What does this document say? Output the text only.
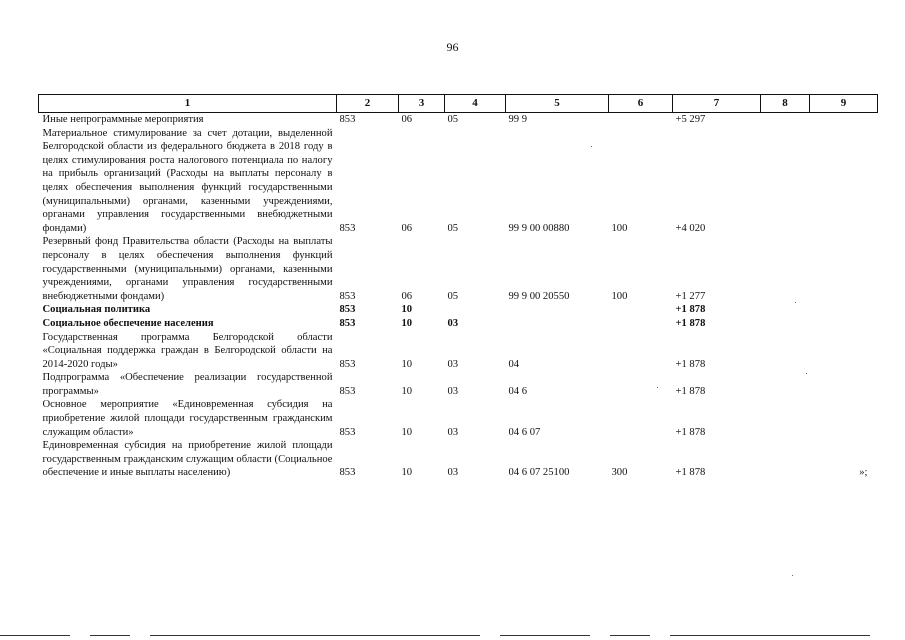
96
1	2	3	4	5	6	7	8	9
Иные непрограммные мероприятия	853	06	05	99 9		+5 297		
Материальное стимулирование за счет дотации, выделенной Белгородской области из федерального бюджета в 2018 году в целях стимулирования роста налогового потенциала по налогу на прибыль организаций (Расходы на выплаты персоналу в целях обеспечения выполнения функций государственными (муниципальными) органами, казенными учреждениями, органами управления государственными внебюджетными фондами)	853	06	05	99 9 00 00880	100	+4 020		
Резервный фонд Правительства области (Расходы на выплаты персоналу в целях обеспечения выполнения функций государственными (муниципальными) органами, казенными учреждениями, органами управления государственными внебюджетными фондами)	853	06	05	99 9 00 20550	100	+1 277		
Социальная политика	853	10				+1 878		
Социальное обеспечение населения	853	10	03			+1 878		
Государственная программа Белгородской области «Социальная поддержка граждан в Белгородской области на 2014-2020 годы»	853	10	03	04		+1 878		
Подпрограмма «Обеспечение реализации государственной программы»	853	10	03	04 6		+1 878		
Основное мероприятие «Единовременная субсидия на приобретение жилой площади государственным гражданским служащим области»	853	10	03	04 6 07		+1 878		
Единовременная субсидия на приобретение жилой площади государственным гражданским служащим области (Социальное обеспечение и иные выплаты населению)	853	10	03	04 6 07 25100	300	+1 878		»;
